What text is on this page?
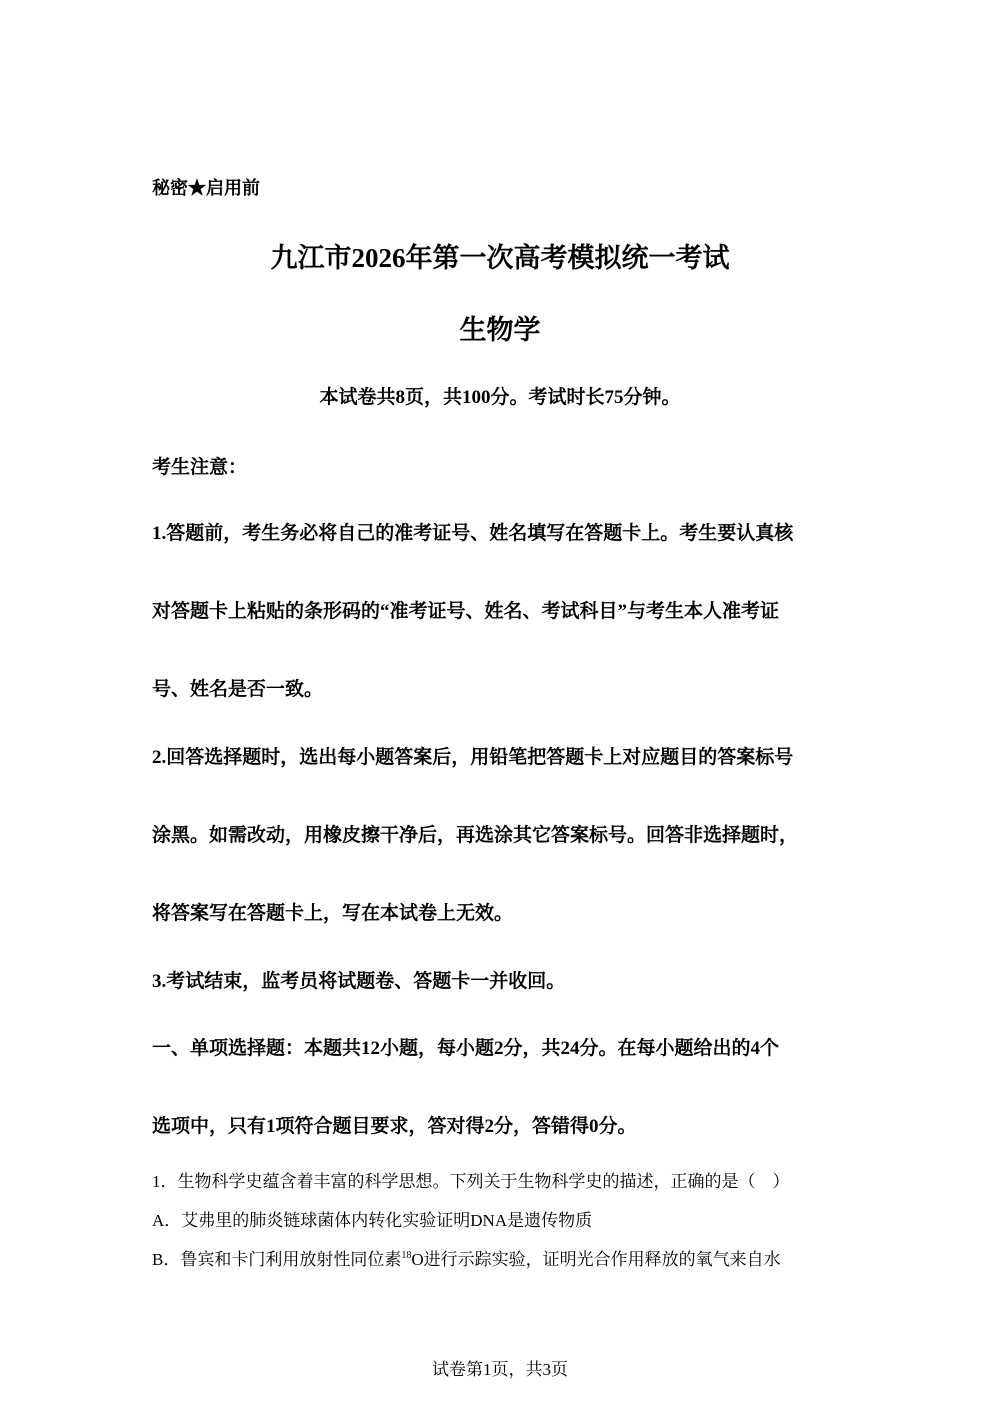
秘密★启用前
九江市2026年第一次高考模拟统一考试
生物学
本试卷共8页，共100分。考试时长75分钟。
考生注意：
1.答题前，考生务必将自己的准考证号、姓名填写在答题卡上。考生要认真核
对答题卡上粘贴的条形码的“准考证号、姓名、考试科目”与考生本人准考证
号、姓名是否一致。
2.回答选择题时，选出每小题答案后，用铅笔把答题卡上对应题目的答案标号
涂黑。如需改动，用橡皮擦干净后，再选涂其它答案标号。回答非选择题时，
将答案写在答题卡上，写在本试卷上无效。
3.考试结束，监考员将试题卷、答题卡一并收回。
一、单项选择题：本题共12小题，每小题2分，共24分。在每小题给出的4个
选项中，只有1项符合题目要求，答对得2分，答错得0分。
1．生物科学史蕴含着丰富的科学思想。下列关于生物科学史的描述，正确的是（　）
A．艾弗里的肺炎链球菌体内转化实验证明DNA是遗传物质
B．鲁宾和卡门利用放射性同位素$^{18}$O进行示踪实验，证明光合作用释放的氧气来自水
试卷第1页，共3页
